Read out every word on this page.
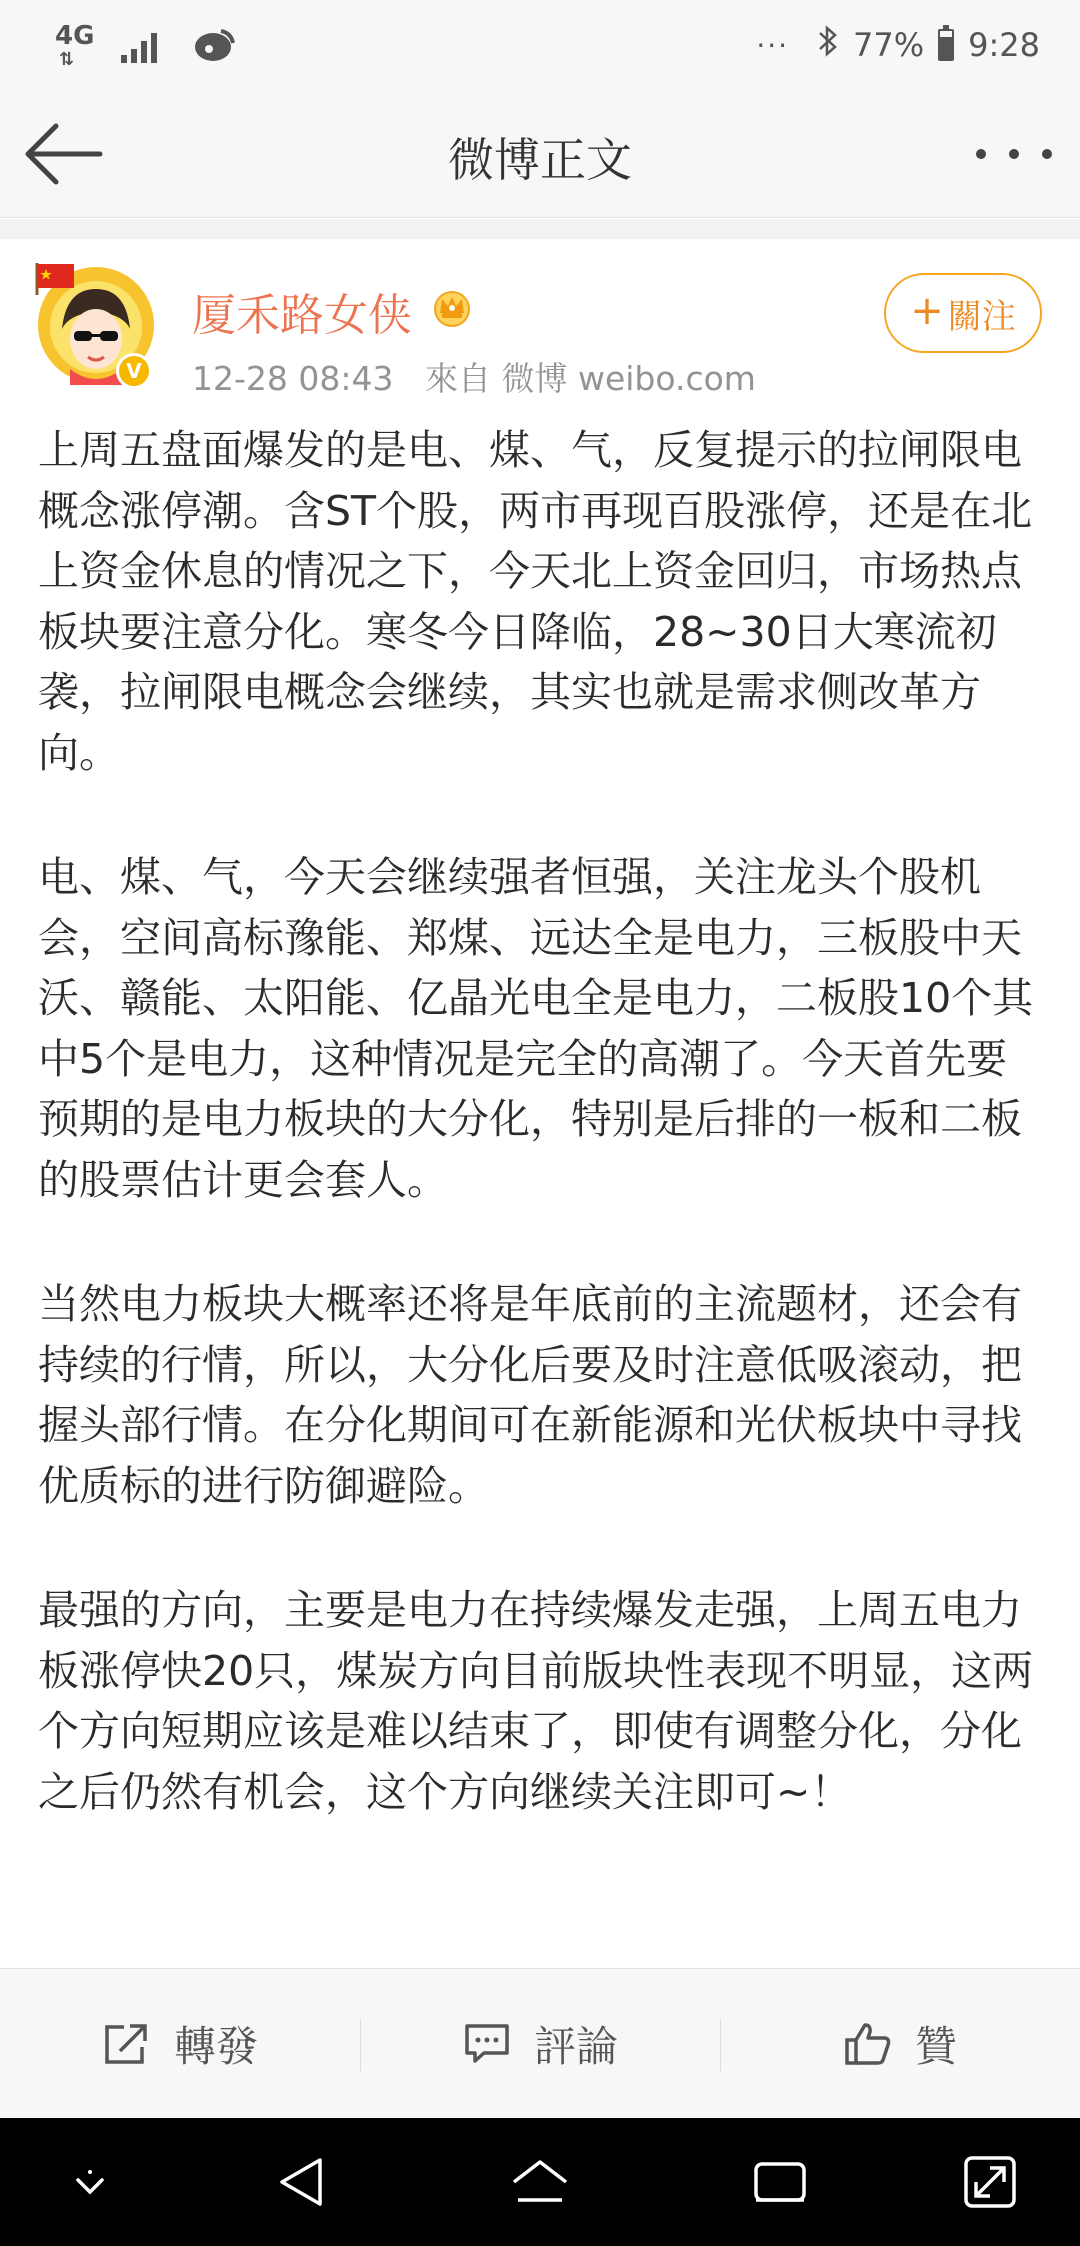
4G
⇅	··· 77% 9:28
微博正文
V
厦禾路女侠
12-28 08:43 來自 微博 weibo.com
+ 關注

上周五盘面爆发的是电、煤、气，反复提示的拉闸限电概念涨停潮。含ST个股，两市再现百股涨停，还是在北上资金休息的情况之下，今天北上资金回归，市场热点板块要注意分化。寒冬今日降临，28~30日大寒流初袭，拉闸限电概念会继续，其实也就是需求侧改革方向。

电、煤、气，今天会继续强者恒强，关注龙头个股机会，空间高标豫能、郑煤、远达全是电力，三板股中天沃、赣能、太阳能、亿晶光电全是电力，二板股10个其中5个是电力，这种情况是完全的高潮了。今天首先要预期的是电力板块的大分化，特别是后排的一板和二板的股票估计更会套人。

当然电力板块大概率还将是年底前的主流题材，还会有持续的行情，所以，大分化后要及时注意低吸滚动，把握头部行情。在分化期间可在新能源和光伏板块中寻找优质标的进行防御避险。

最强的方向，主要是电力在持续爆发走强，上周五电力板涨停快20只，煤炭方向目前版块性表现不明显，这两个方向短期应该是难以结束了，即使有调整分化，分化之后仍然有机会，这个方向继续关注即可~！

轉發	評論	贊
